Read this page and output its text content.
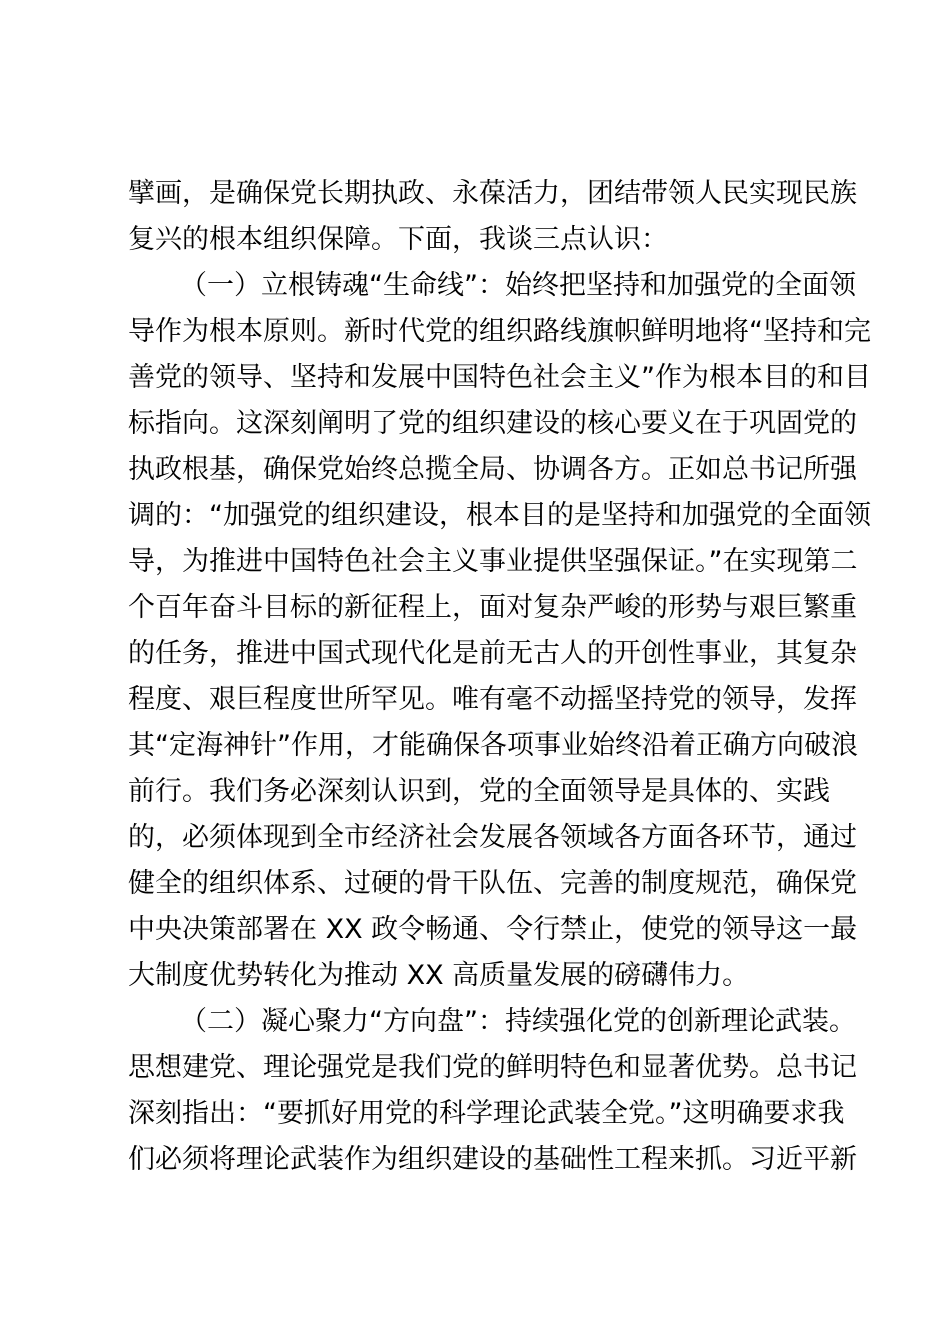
擘画，是确保党长期执政、永葆活力，团结带领人民实现民族
复兴的根本组织保障。下面，我谈三点认识：
（一）立根铸魂“生命线”：始终把坚持和加强党的全面领
导作为根本原则。新时代党的组织路线旗帜鲜明地将“坚持和完
善党的领导、坚持和发展中国特色社会主义”作为根本目的和目
标指向。这深刻阐明了党的组织建设的核心要义在于巩固党的
执政根基，确保党始终总揽全局、协调各方。正如总书记所强
调的：“加强党的组织建设，根本目的是坚持和加强党的全面领
导，为推进中国特色社会主义事业提供坚强保证。”在实现第二
个百年奋斗目标的新征程上，面对复杂严峻的形势与艰巨繁重
的任务，推进中国式现代化是前无古人的开创性事业，其复杂
程度、艰巨程度世所罕见。唯有毫不动摇坚持党的领导，发挥
其“定海神针”作用，才能确保各项事业始终沿着正确方向破浪
前行。我们务必深刻认识到，党的全面领导是具体的、实践
的，必须体现到全市经济社会发展各领域各方面各环节，通过
健全的组织体系、过硬的骨干队伍、完善的制度规范，确保党
中央决策部署在 XX 政令畅通、令行禁止，使党的领导这一最
大制度优势转化为推动 XX 高质量发展的磅礴伟力。
（二）凝心聚力“方向盘”：持续强化党的创新理论武装。
思想建党、理论强党是我们党的鲜明特色和显著优势。总书记
深刻指出：“要抓好用党的科学理论武装全党。”这明确要求我
们必须将理论武装作为组织建设的基础性工程来抓。习近平新
